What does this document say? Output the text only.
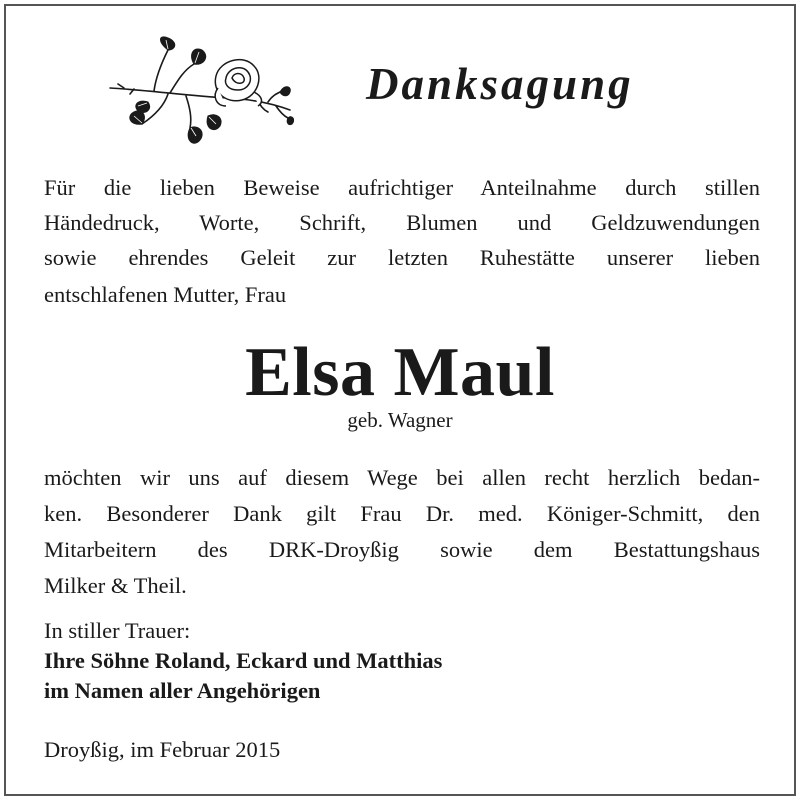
Danksagung
Für die lieben Beweise aufrichtiger Anteilnahme durch stillen
Händedruck, Worte, Schrift, Blumen und Geldzuwendungen
sowie ehrendes Geleit zur letzten Ruhestätte unserer lieben
entschlafenen Mutter, Frau
Elsa Maul
geb. Wagner
möchten wir uns auf diesem Wege bei allen recht herzlich bedan-
ken. Besonderer Dank gilt Frau Dr. med. Königer-Schmitt, den
Mitarbeitern des DRK-Droyßig sowie dem Bestattungshaus
Milker & Theil.
In stiller Trauer:
Ihre Söhne Roland, Eckard und Matthias
im Namen aller Angehörigen
Droyßig, im Februar 2015
